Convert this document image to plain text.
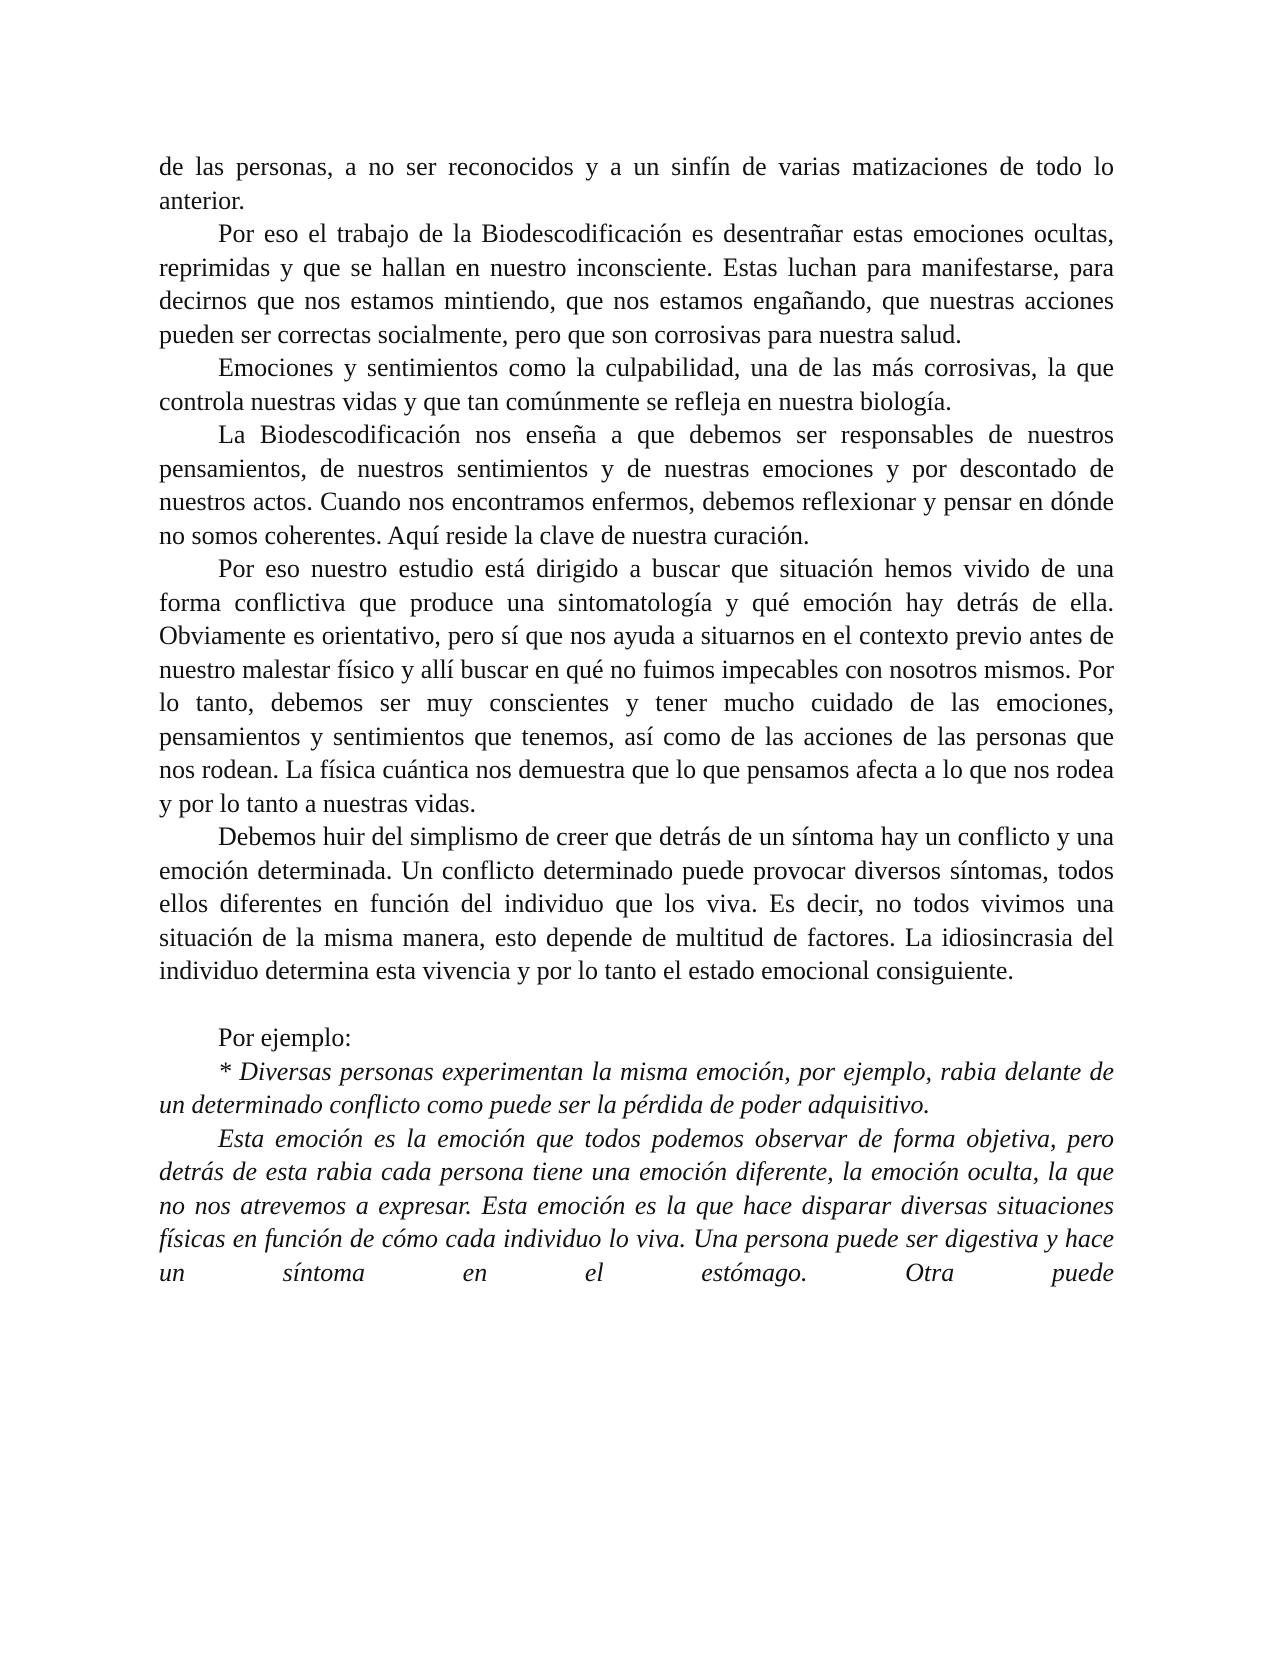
de las personas, a no ser reconocidos y a un sinfín de varias matizaciones de todo lo anterior.

Por eso el trabajo de la Biodescodificación es desentrañar estas emociones ocultas, reprimidas y que se hallan en nuestro inconsciente. Estas luchan para manifestarse, para decirnos que nos estamos mintiendo, que nos estamos engañando, que nuestras acciones pueden ser correctas socialmente, pero que son corrosivas para nuestra salud.

Emociones y sentimientos como la culpabilidad, una de las más corrosivas, la que controla nuestras vidas y que tan comúnmente se refleja en nuestra biología.

La Biodescodificación nos enseña a que debemos ser responsables de nuestros pensamientos, de nuestros sentimientos y de nuestras emociones y por descontado de nuestros actos. Cuando nos encontramos enfermos, debemos reflexionar y pensar en dónde no somos coherentes. Aquí reside la clave de nuestra curación.

Por eso nuestro estudio está dirigido a buscar que situación hemos vivido de una forma conflictiva que produce una sintomatología y qué emoción hay detrás de ella. Obviamente es orientativo, pero sí que nos ayuda a situarnos en el contexto previo antes de nuestro malestar físico y allí buscar en qué no fuimos impecables con nosotros mismos. Por lo tanto, debemos ser muy conscientes y tener mucho cuidado de las emociones, pensamientos y sentimientos que tenemos, así como de las acciones de las personas que nos rodean. La física cuántica nos demuestra que lo que pensamos afecta a lo que nos rodea y por lo tanto a nuestras vidas.

Debemos huir del simplismo de creer que detrás de un síntoma hay un conflicto y una emoción determinada. Un conflicto determinado puede provocar diversos síntomas, todos ellos diferentes en función del individuo que los viva. Es decir, no todos vivimos una situación de la misma manera, esto depende de multitud de factores. La idiosincrasia del individuo determina esta vivencia y por lo tanto el estado emocional consiguiente.

Por ejemplo:

* Diversas personas experimentan la misma emoción, por ejemplo, rabia delante de un determinado conflicto como puede ser la pérdida de poder adquisitivo.

Esta emoción es la emoción que todos podemos observar de forma objetiva, pero detrás de esta rabia cada persona tiene una emoción diferente, la emoción oculta, la que no nos atrevemos a expresar. Esta emoción es la que hace disparar diversas situaciones físicas en función de cómo cada individuo lo viva. Una persona puede ser digestiva y hace un síntoma en el estómago. Otra puede
